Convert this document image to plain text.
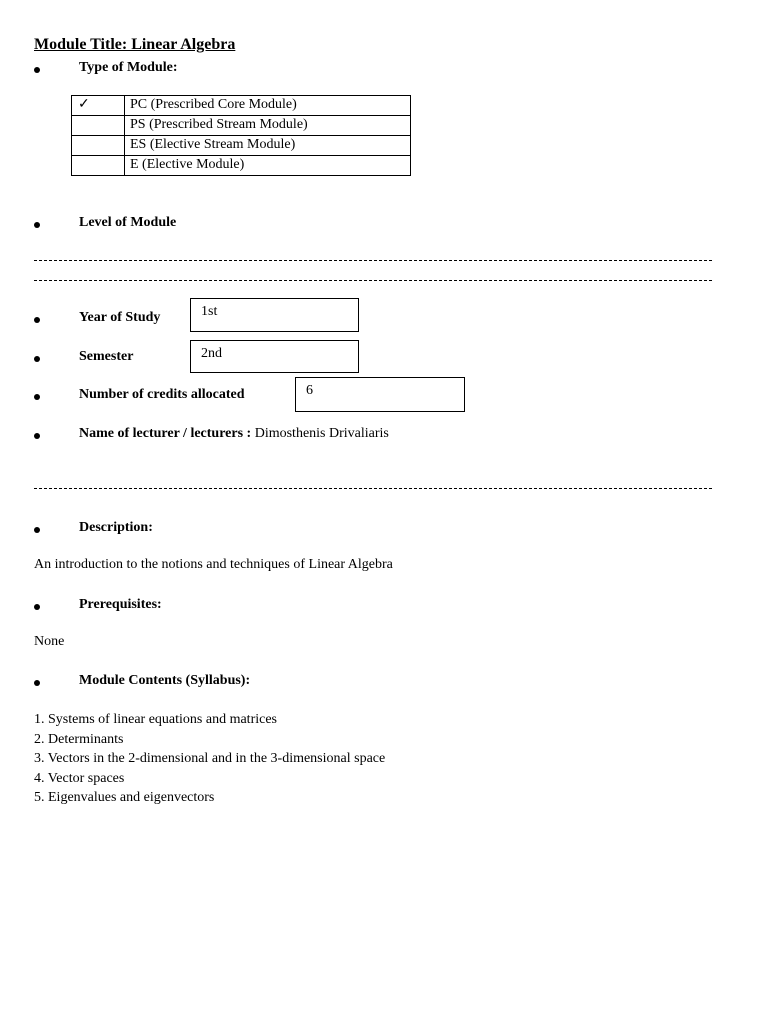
Module Title: Linear Algebra
Type of Module:
✓	PC (Prescribed Core Module)
	PS (Prescribed Stream Module)
	ES (Elective Stream Module)
	E (Elective Module)
Level of Module
Year of Study	1st
Semester	2nd
Number of credits allocated	6
Name of lecturer / lecturers : Dimosthenis Drivaliaris
Description:
An introduction to the notions and techniques of Linear Algebra
Prerequisites:
None
Module Contents (Syllabus):
1. Systems of linear equations and matrices
2. Determinants
3. Vectors in the 2-dimensional and in the 3-dimensional space
4. Vector spaces
5. Eigenvalues and eigenvectors
